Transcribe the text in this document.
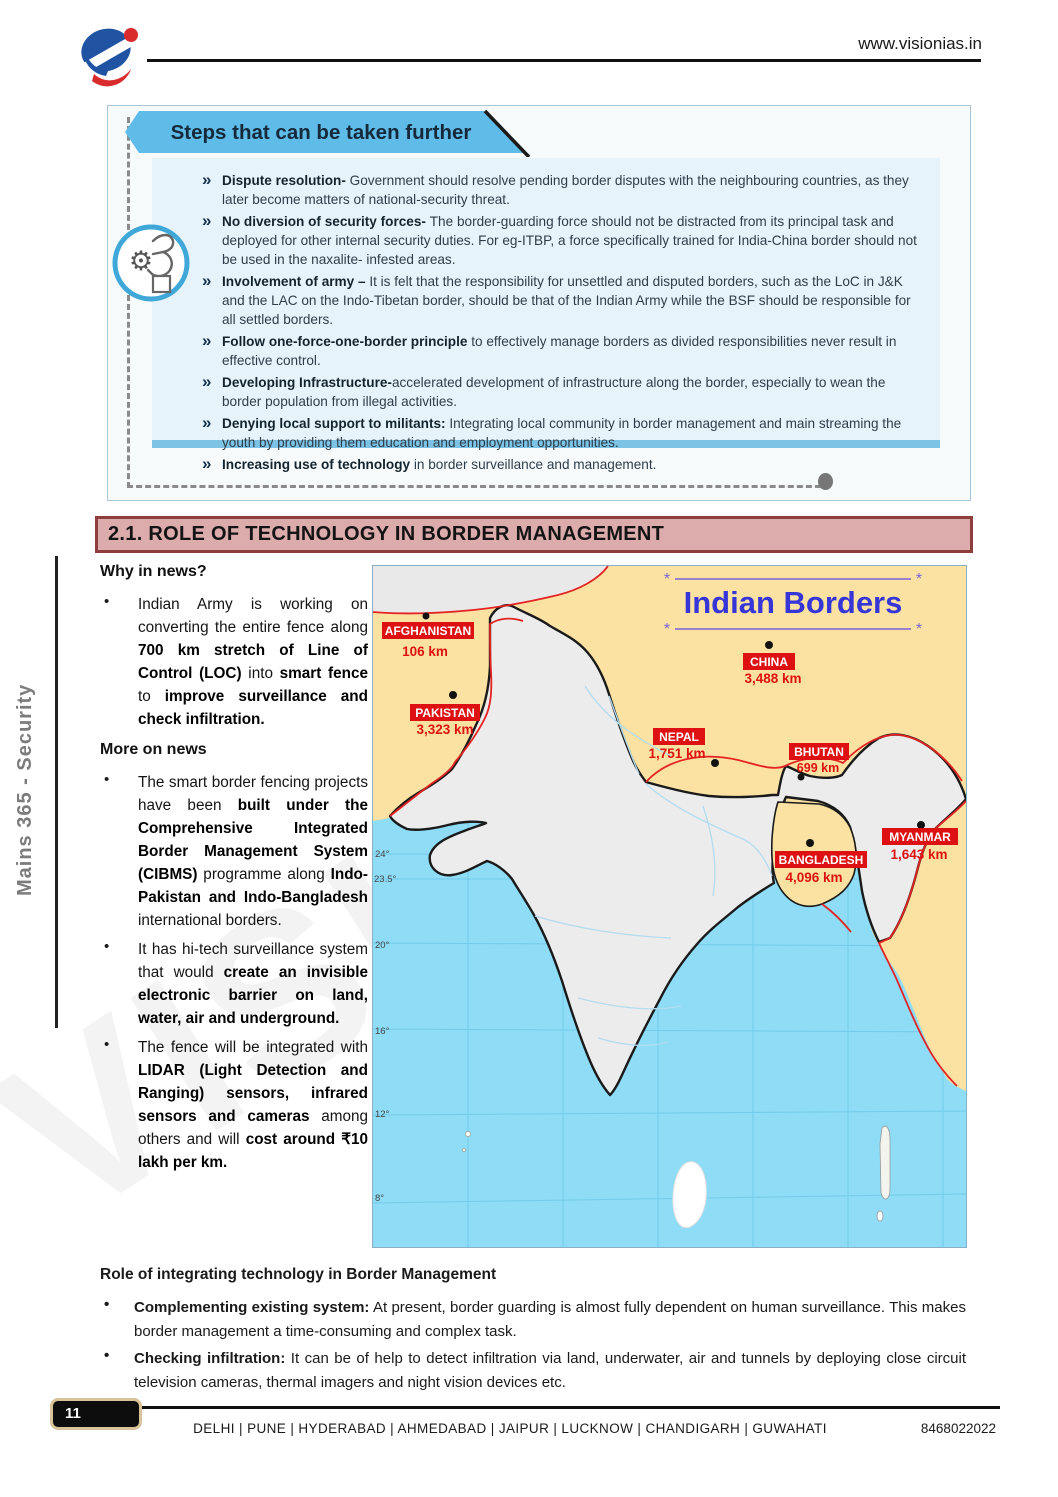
www.visionias.in
Mains 365 - Security
Steps that can be taken further
⚙
» Dispute resolution- Government should resolve pending border disputes with the neighbouring countries, as they later become matters of national-security threat.
» No diversion of security forces- The border-guarding force should not be distracted from its principal task and deployed for other internal security duties. For eg-ITBP, a force specifically trained for India-China border should not be used in the naxalite- infested areas.
» Involvement of army – It is felt that the responsibility for unsettled and disputed borders, such as the LoC in J&K and the LAC on the Indo-Tibetan border, should be that of the Indian Army while the BSF should be responsible for all settled borders.
» Follow one-force-one-border principle to effectively manage borders as divided responsibilities never result in effective control.
» Developing Infrastructure-accelerated development of infrastructure along the border, especially to wean the border population from illegal activities.
» Denying local support to militants: Integrating local community in border management and main streaming the youth by providing them education and employment opportunities.
» Increasing use of technology in border surveillance and management.
2.1. ROLE OF TECHNOLOGY IN BORDER MANAGEMENT
Why in news?
•	Indian Army is working on converting the entire fence along 700 km stretch of Line of Control (LOC) into smart fence to improve surveillance and check infiltration.
More on news
•	The smart border fencing projects have been built under the Comprehensive Integrated Border Management System (CIBMS) programme along Indo-Pakistan and Indo-Bangladesh international borders.
•	It has hi-tech surveillance system that would create an invisible electronic barrier on land, water, air and underground.
•	The fence will be integrated with LIDAR (Light Detection and Ranging) sensors, infrared sensors and cameras among others and will cost around ₹10 lakh per km.
24°
23.5°
20°
16°
12°
8°
*	*
Indian Borders
*	*
AFGHANISTAN
106 km
PAKISTAN
3,323 km
CHINA
3,488 km
NEPAL
1,751 km	BHUTAN
699 km
MYANMAR
1,643 km
BANGLADESH
4,096 km
Role of integrating technology in Border Management
•	Complementing existing system: At present, border guarding is almost fully dependent on human surveillance. This makes border management a time-consuming and complex task.
•	Checking infiltration: It can be of help to detect infiltration via land, underwater, air and tunnels by deploying close circuit television cameras, thermal imagers and night vision devices etc.
11
DELHI | PUNE | HYDERABAD | AHMEDABAD | JAIPUR | LUCKNOW | CHANDIGARH | GUWAHATI	8468022022
